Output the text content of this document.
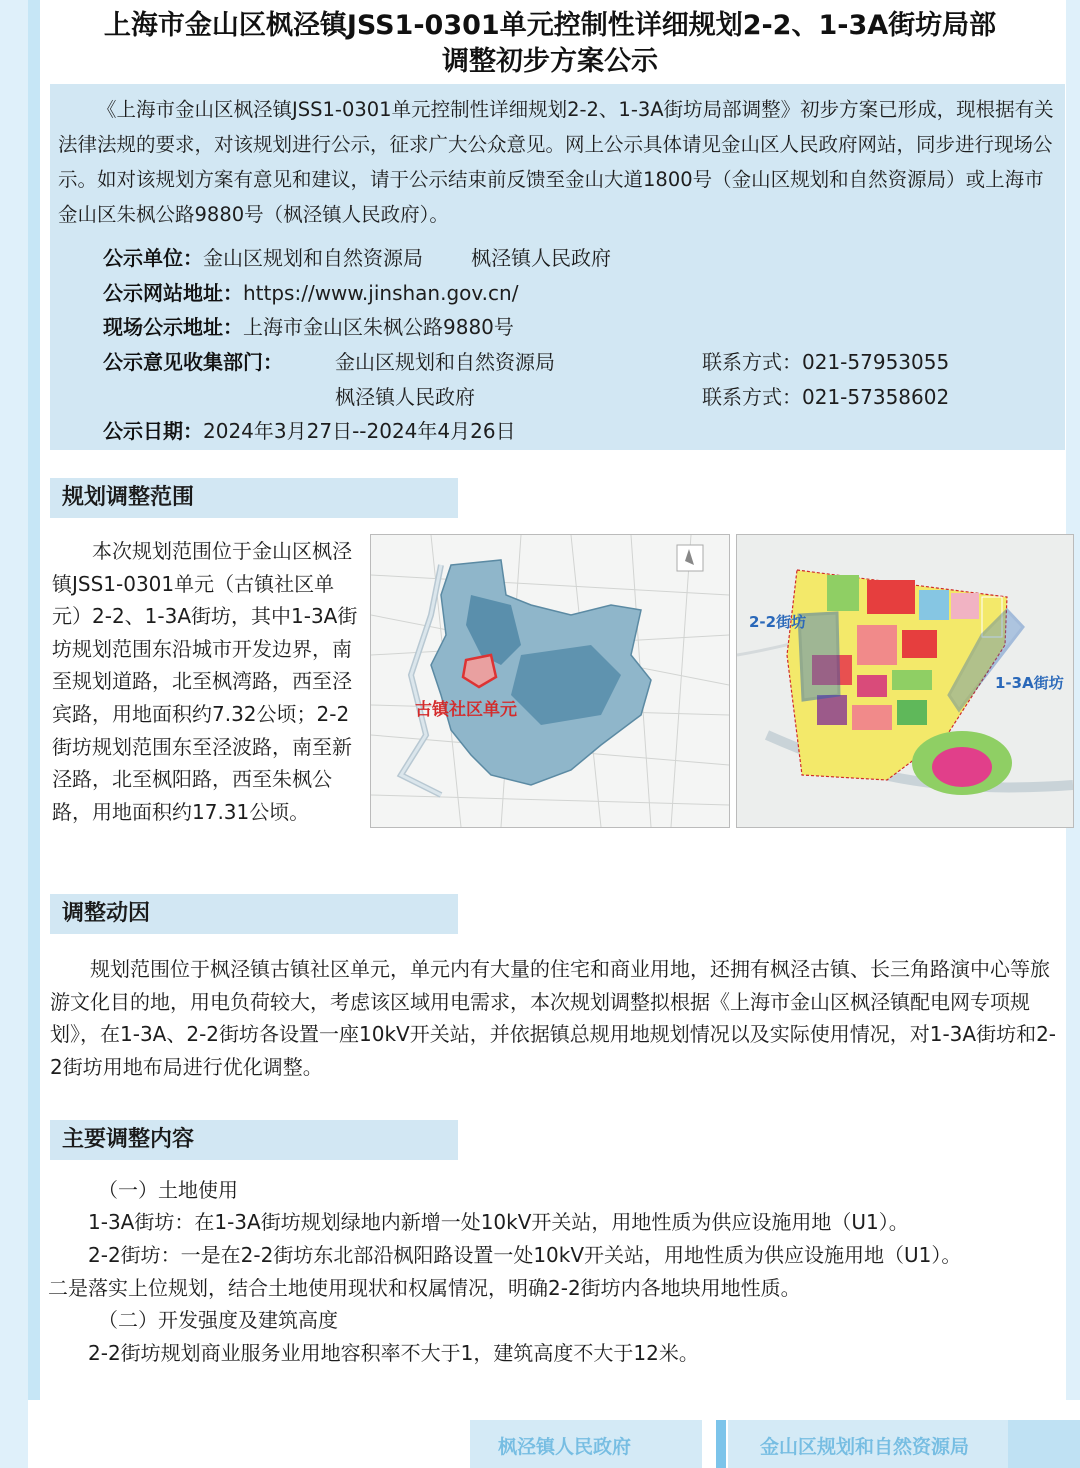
上海市金山区枫泾镇JSS1-0301单元控制性详细规划2-2、1-3A街坊局部
调整初步方案公示

《上海市金山区枫泾镇JSS1-0301单元控制性详细规划2-2、1-3A街坊局部调整》初步方案已形成，现根据有关法律法规的要求，对该规划进行公示，征求广大公众意见。网上公示具体请见金山区人民政府网站，同步进行现场公示。如对该规划方案有意见和建议，请于公示结束前反馈至金山大道1800号（金山区规划和自然资源局）或上海市金山区朱枫公路9880号（枫泾镇人民政府）。

公示单位：金山区规划和自然资源局 枫泾镇人民政府
公示网站地址：https://www.jinshan.gov.cn/
现场公示地址：上海市金山区朱枫公路9880号
公示意见收集部门：	金山区规划和自然资源局	联系方式：021-57953055
枫泾镇人民政府	联系方式：021-57358602
公示日期：2024年3月27日--2024年4月26日
规划调整范围

本次规划范围位于金山区枫泾镇JSS1-0301单元（古镇社区单元）2-2、1-3A街坊，其中1-3A街坊规划范围东沿城市开发边界，南至规划道路，北至枫湾路，西至泾宾路，用地面积约7.32公顷；2-2街坊规划范围东至泾波路，南至新泾路，北至枫阳路，西至朱枫公路，用地面积约17.31公顷。

古镇社区单元
2-2街坊
1-3A街坊
调整动因

规划范围位于枫泾镇古镇社区单元，单元内有大量的住宅和商业用地，还拥有枫泾古镇、长三角路演中心等旅游文化目的地，用电负荷较大，考虑该区域用电需求，本次规划调整拟根据《上海市金山区枫泾镇配电网专项规划》，在1-3A、2-2街坊各设置一座10kV开关站，并依据镇总规用地规划情况以及实际使用情况，对1-3A街坊和2-2街坊用地布局进行优化调整。

主要调整内容

（一）土地使用

1-3A街坊：在1-3A街坊规划绿地内新增一处10kV开关站，用地性质为供应设施用地（U1）。

2-2街坊：一是在2-2街坊东北部沿枫阳路设置一处10kV开关站，用地性质为供应设施用地（U1）。

二是落实上位规划，结合土地使用现状和权属情况，明确2-2街坊内各地块用地性质。

（二）开发强度及建筑高度

2-2街坊规划商业服务业用地容积率不大于1，建筑高度不大于12米。

枫泾镇人民政府	金山区规划和自然资源局
